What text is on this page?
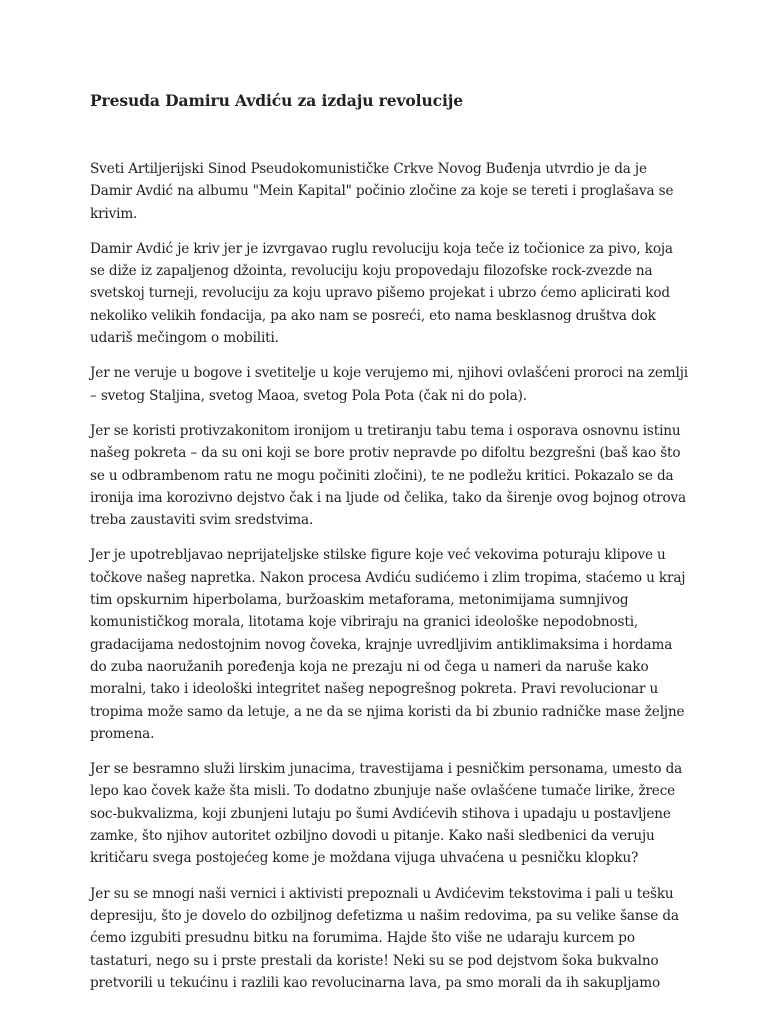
Presuda Damiru Avdiću za izdaju revolucije

Sveti Artiljerijski Sinod Pseudokomunističke Crkve Novog Buđenja utvrdio je da je Damir Avdić na albumu "Mein Kapital" počinio zločine za koje se tereti i proglašava se krivim.

Damir Avdić je kriv jer je izvrgavao ruglu revoluciju koja teče iz točionice za pivo, koja se diže iz zapaljenog džointa, revoluciju koju propovedaju filozofske rock-zvezde na svetskoj turneji, revoluciju za koju upravo pišemo projekat i ubrzo ćemo aplicirati kod nekoliko velikih fondacija, pa ako nam se posreći, eto nama besklasnog društva dok udariš mečingom o mobiliti.

Jer ne veruje u bogove i svetitelje u koje verujemo mi, njihovi ovlašćeni proroci na zemlji – svetog Staljina, svetog Maoa, svetog Pola Pota (čak ni do pola).

Jer se koristi protivzakonitom ironijom u tretiranju tabu tema i osporava osnovnu istinu našeg pokreta – da su oni koji se bore protiv nepravde po difoltu bezgrešni (baš kao što se u odbrambenom ratu ne mogu počiniti zločini), te ne podležu kritici. Pokazalo se da ironija ima korozivno dejstvo čak i na ljude od čelika, tako da širenje ovog bojnog otrova treba zaustaviti svim sredstvima.

Jer je upotrebljavao neprijateljske stilske figure koje već vekovima poturaju klipove u točkove našeg napretka. Nakon procesa Avdiću sudićemo i zlim tropima, staćemo u kraj tim opskurnim hiperbolama, buržoaskim metaforama, metonimijama sumnjivog komunističkog morala, litotama koje vibriraju na granici ideološke nepodobnosti, gradacijama nedostojnim novog čoveka, krajnje uvredljivim antiklimaksima i hordama do zuba naoružanih poređenja koja ne prezaju ni od čega u nameri da naruše kako moralni, tako i ideološki integritet našeg nepogrešnog pokreta. Pravi revolucionar u tropima može samo da letuje, a ne da se njima koristi da bi zbunio radničke mase željne promena.

Jer se besramno služi lirskim junacima, travestijama i pesničkim personama, umesto da lepo kao čovek kaže šta misli. To dodatno zbunjuje naše ovlašćene tumače lirike, žrece soc-bukvalizma, koji zbunjeni lutaju po šumi Avdićevih stihova i upadaju u postavljene zamke, što njihov autoritet ozbiljno dovodi u pitanje. Kako naši sledbenici da veruju kritičaru svega postojećeg kome je moždana vijuga uhvaćena u pesničku klopku?

Jer su se mnogi naši vernici i aktivisti prepoznali u Avdićevim tekstovima i pali u tešku depresiju, što je dovelo do ozbiljnog defetizma u našim redovima, pa su velike šanse da ćemo izgubiti presudnu bitku na forumima. Hajde što više ne udaraju kurcem po tastaturi, nego su i prste prestali da koriste! Neki su se pod dejstvom šoka bukvalno pretvorili u tekućinu i razlili kao revolucinarna lava, pa smo morali da ih sakupljamo
